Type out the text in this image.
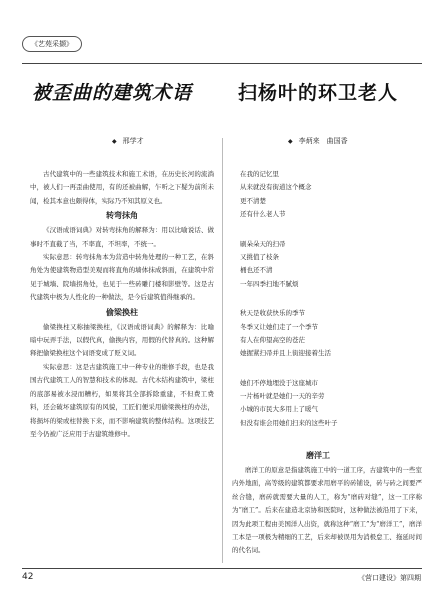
《艺苑采撷》
被歪曲的建筑术语 扫杨叶的环卫老人
◆ 邢学才	◆ 李炳来　曲国香

古代建筑中的一些建筑技术和施工术语，在历史长河的流淌中，被人们一再歪曲使用，有的还被曲解，乍听之下疑为前所未闻，检其本意也颇得体，实际乃不知其原义也。

转弯抹角

《汉语成语词典》对转弯抹角的解释为：用以比喻说话、做事时不直截了当，不率直，不坦率，不统一。

实际意思：转弯抹角本为营造中转角处理的一种工艺，在斜角处为使建筑物造型美观而将直角的墙体抹成斜面，在建筑中常见于城墙、院墙拐角处，也见于一些砖雕门楼和影壁等。这是古代建筑中极为人性化的一种做法，是今后建筑值得继承的。

偷梁换柱

偷梁换柱又称抽梁换柱，《汉语成语词典》的解释为：比喻暗中玩弄手法，以假代真，偷换内容，用假的代替真的。这种解释把偷梁换柱这个词语变成了贬义词。

实际意思：这是古建筑施工中一种专业的维修手段，也是我国古代建筑工人的智慧和技术的体现。古代木结构建筑中，梁柱的底部易被水浸而糟朽，如果将其全部拆除重建，不但费工费料，还会破坏建筑原有的风貌，工匠们便采用偷梁换柱的办法，将损坏的梁或柱替换下来，而不影响建筑的整体结构。这项技艺至今仍被广泛应用于古建筑维修中。

在我的记忆里
从来就没有街道这个概念
更不清楚
还有什么老人节
刷朵朵天的扫帚
又挑值了枝条
桶也还不清
一年四季扫地不腻烦
秋天是收获快乐的季节
冬季又让她们走了一个季节
有人在仰望高空的苍茫
她握紧扫帚并且上街迎接着生活
她们不停地埋没于这座城市
一片杨叶就是她们一天的辛劳
小城的市民大多用上了暖气
但没有谁会用她们扫来的这些叶子
磨洋工

磨洋工的原意是指建筑施工中的一道工序，古建筑中的一些室内外地面，高等级的建筑都要求用磨平的砖铺设，砖与砖之间要严丝合缝，磨砖就需要大量的人工，称为“磨砖对缝”，这一工序称为“磨工”。后来在建造北京协和医院时，这种做法被沿用了下来，因为此项工程由美国洋人出资，就称这种“磨工”为“磨洋工”，磨洋工本是一项极为精细的工艺，后来却被误用为消极怠工、拖延时间的代名词。

42	《营口建设》第四期
